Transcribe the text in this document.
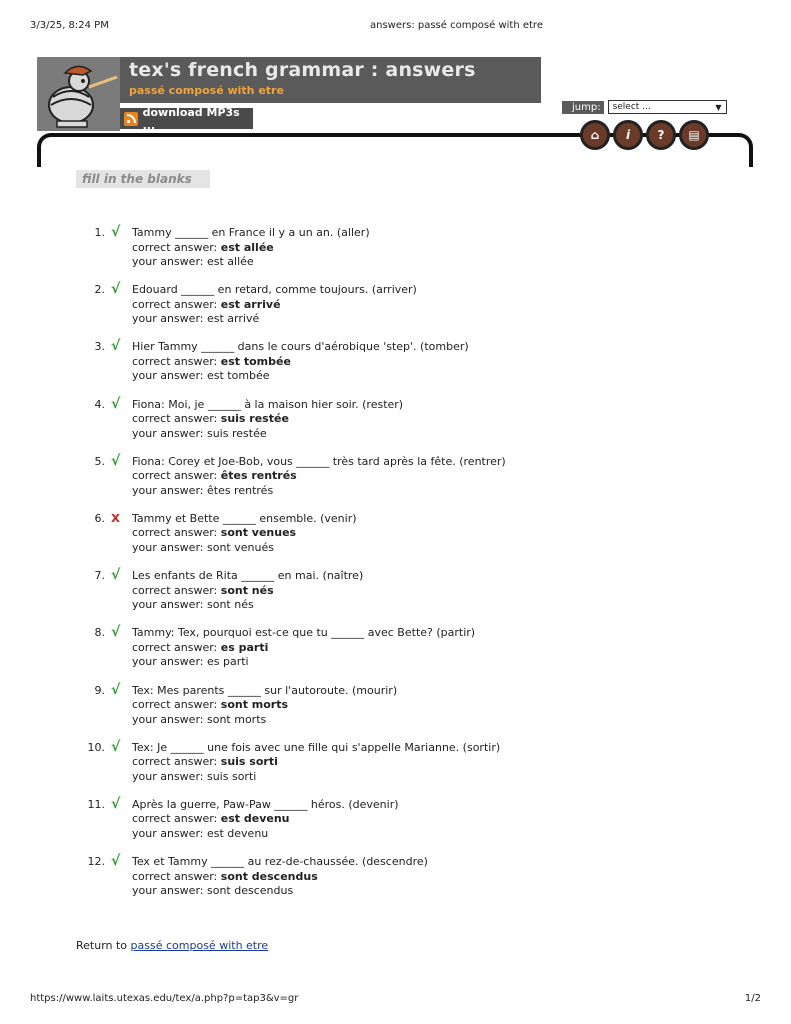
3/3/25, 8:24 PM	answers: passé composé with etre
tex's french grammar : answers
passé composé with etre
download MP3s ...
jump:	select ...	▼
⌂	i	?	▤
fill in the blanks
1. √ Tammy ______ en France il y a un an. (aller)
correct answer: est allée
your answer: est allée
2. √ Edouard ______ en retard, comme toujours. (arriver)
correct answer: est arrivé
your answer: est arrivé
3. √ Hier Tammy ______ dans le cours d'aérobique 'step'. (tomber)
correct answer: est tombée
your answer: est tombée
4. √ Fiona: Moi, je ______ à la maison hier soir. (rester)
correct answer: suis restée
your answer: suis restée
5. √ Fiona: Corey et Joe-Bob, vous ______ très tard après la fête. (rentrer)
correct answer: êtes rentrés
your answer: êtes rentrés
6. x Tammy et Bette ______ ensemble. (venir)
correct answer: sont venues
your answer: sont venués
7. √ Les enfants de Rita ______ en mai. (naître)
correct answer: sont nés
your answer: sont nés
8. √ Tammy: Tex, pourquoi est-ce que tu ______ avec Bette? (partir)
correct answer: es parti
your answer: es parti
9. √ Tex: Mes parents ______ sur l'autoroute. (mourir)
correct answer: sont morts
your answer: sont morts
10. √ Tex: Je ______ une fois avec une fille qui s'appelle Marianne. (sortir)
correct answer: suis sorti
your answer: suis sorti
11. √ Après la guerre, Paw-Paw ______ héros. (devenir)
correct answer: est devenu
your answer: est devenu
12. √ Tex et Tammy ______ au rez-de-chaussée. (descendre)
correct answer: sont descendus
your answer: sont descendus
Return to passé composé with etre
https://www.laits.utexas.edu/tex/a.php?p=tap3&v=gr	1/2
